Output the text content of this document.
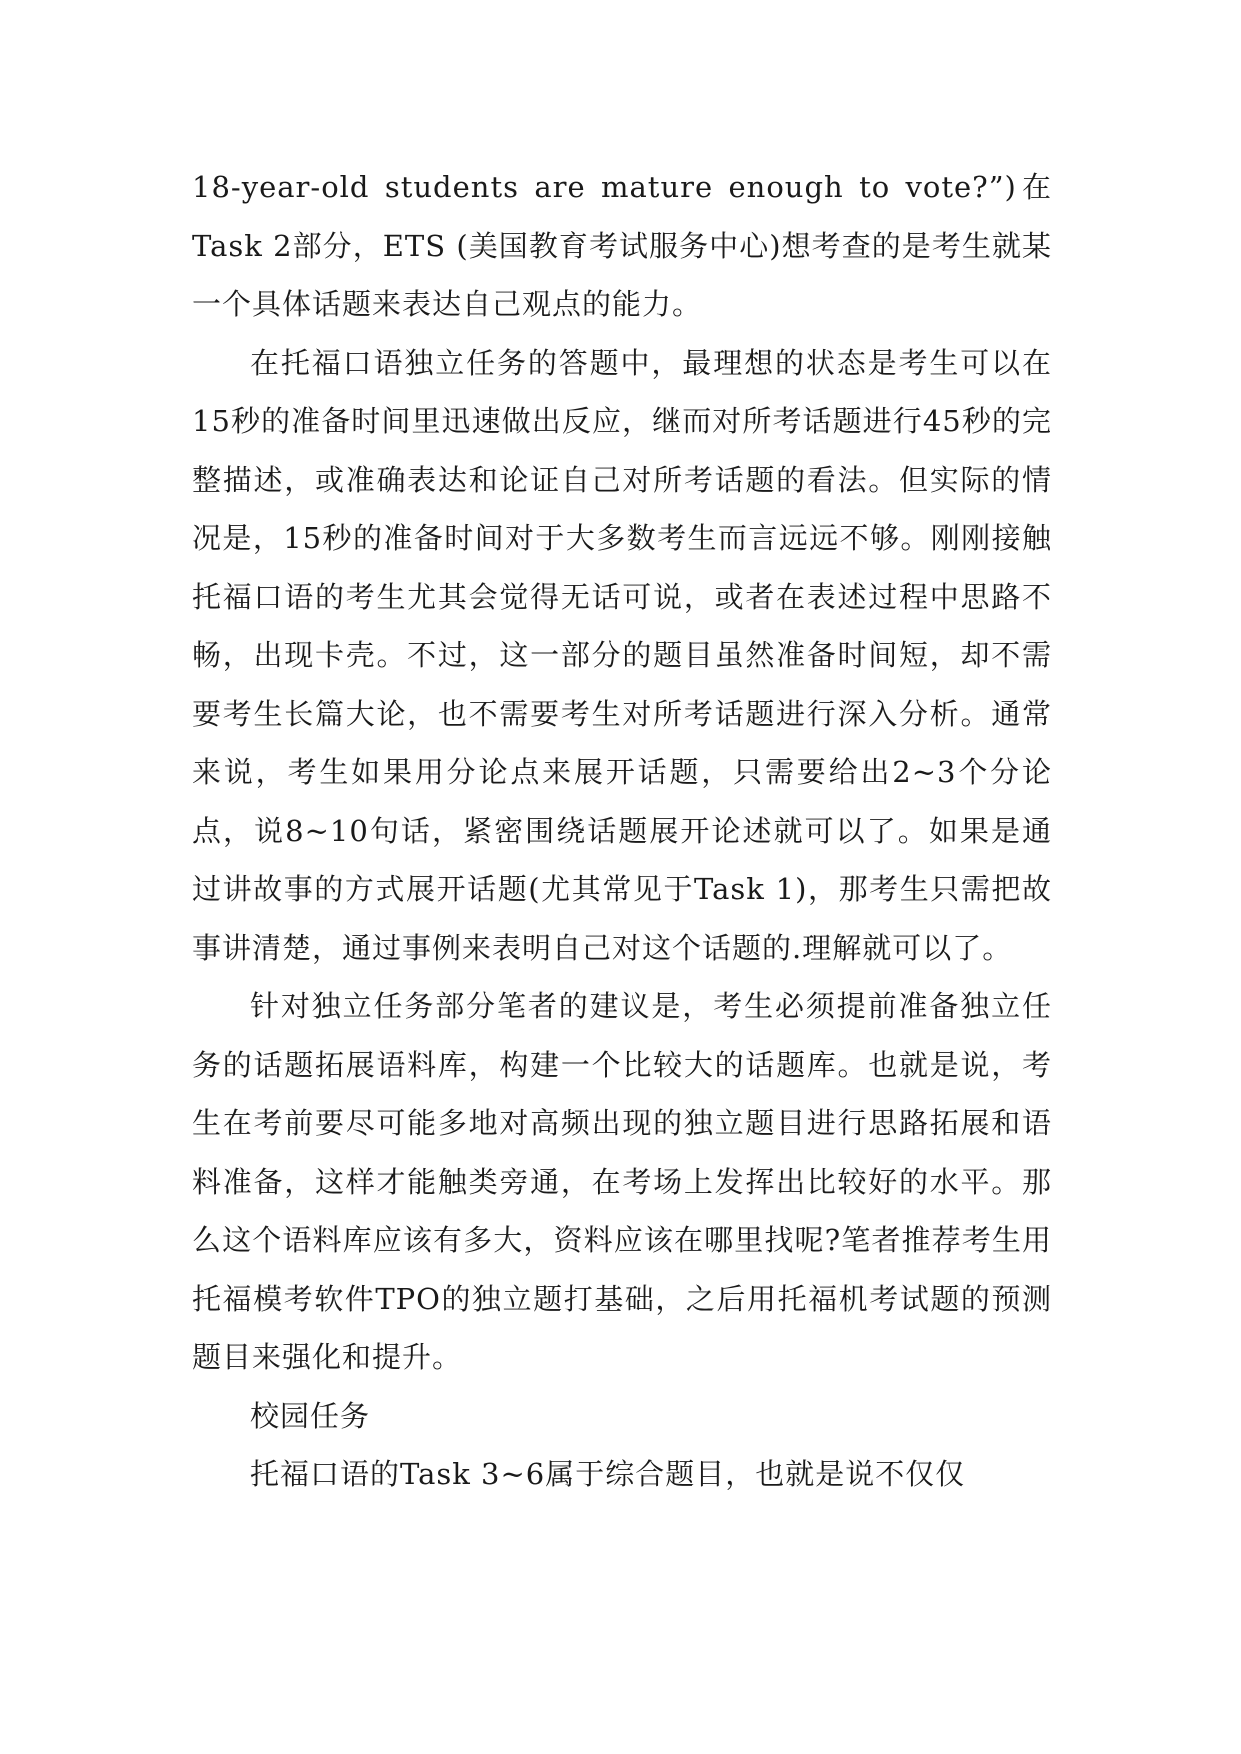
18-year-old students are mature enough to vote?”)在Task 2部分，ETS (美国教育考试服务中心)想考查的是考生就某一个具体话题来表达自己观点的能力。

在托福口语独立任务的答题中，最理想的状态是考生可以在15秒的准备时间里迅速做出反应，继而对所考话题进行45秒的完整描述，或准确表达和论证自己对所考话题的看法。但实际的情况是，15秒的准备时间对于大多数考生而言远远不够。刚刚接触托福口语的考生尤其会觉得无话可说，或者在表述过程中思路不畅，出现卡壳。不过，这一部分的题目虽然准备时间短，却不需要考生长篇大论，也不需要考生对所考话题进行深入分析。通常来说，考生如果用分论点来展开话题，只需要给出2~3个分论点，说8~10句话，紧密围绕话题展开论述就可以了。如果是通过讲故事的方式展开话题(尤其常见于Task 1)，那考生只需把故事讲清楚，通过事例来表明自己对这个话题的.理解就可以了。

针对独立任务部分笔者的建议是，考生必须提前准备独立任务的话题拓展语料库，构建一个比较大的话题库。也就是说，考生在考前要尽可能多地对高频出现的独立题目进行思路拓展和语料准备，这样才能触类旁通，在考场上发挥出比较好的水平。那么这个语料库应该有多大，资料应该在哪里找呢?笔者推荐考生用托福模考软件TPO的独立题打基础，之后用托福机考试题的预测题目来强化和提升。

校园任务

托福口语的Task 3~6属于综合题目，也就是说不仅仅
